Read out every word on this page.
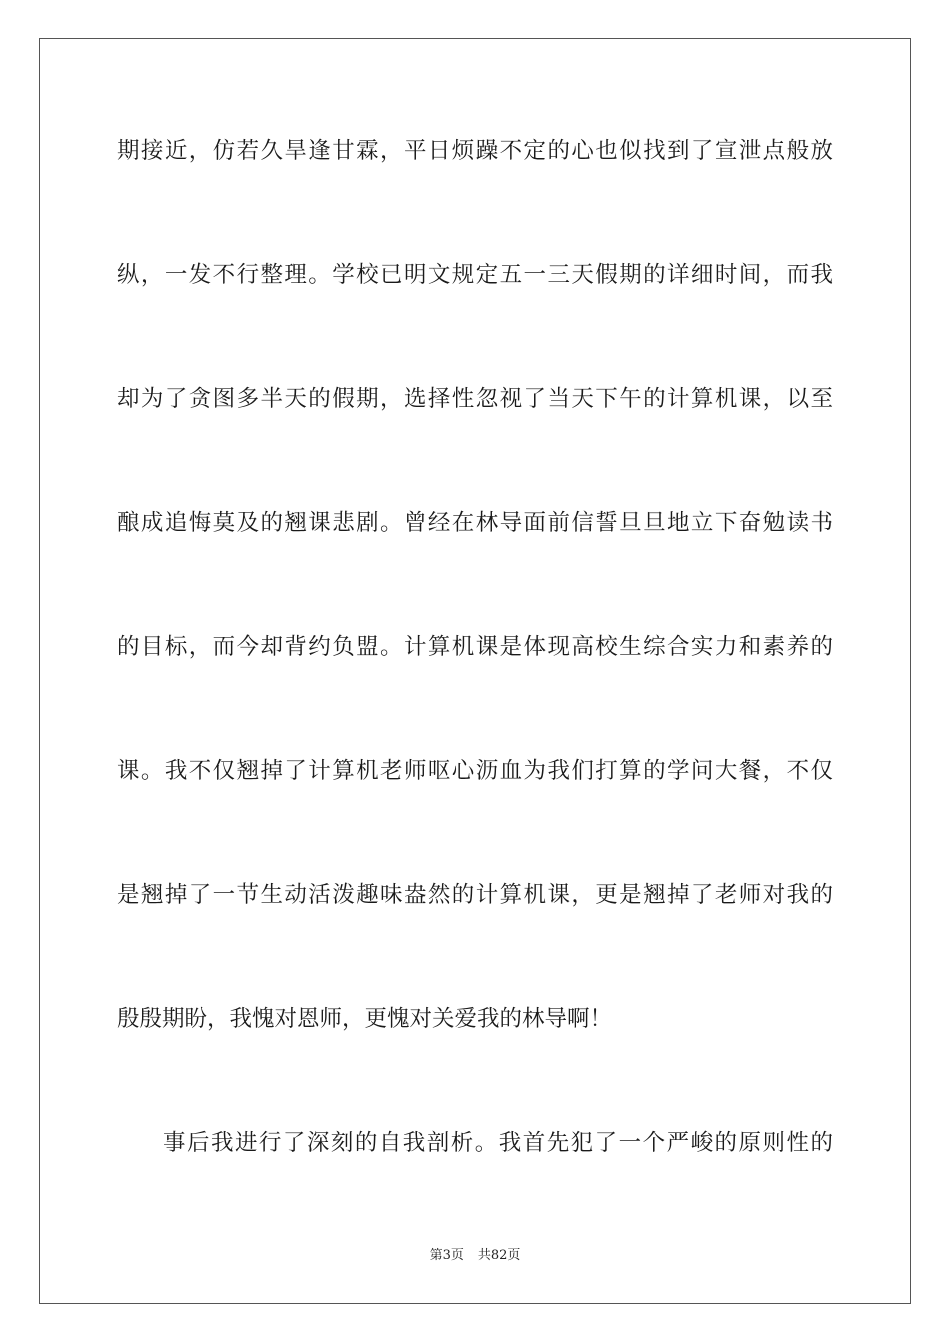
期接近，仿若久旱逢甘霖，平日烦躁不定的心也似找到了宣泄点般放
纵，一发不行整理。学校已明文规定五一三天假期的详细时间，而我
却为了贪图多半天的假期，选择性忽视了当天下午的计算机课，以至
酿成追悔莫及的翘课悲剧。曾经在林导面前信誓旦旦地立下奋勉读书
的目标，而今却背约负盟。计算机课是体现高校生综合实力和素养的
课。我不仅翘掉了计算机老师呕心沥血为我们打算的学问大餐，不仅
是翘掉了一节生动活泼趣味盎然的计算机课，更是翘掉了老师对我的
殷殷期盼，我愧对恩师，更愧对关爱我的林导啊！
事后我进行了深刻的自我剖析。我首先犯了一个严峻的原则性的
第3页 共82页
